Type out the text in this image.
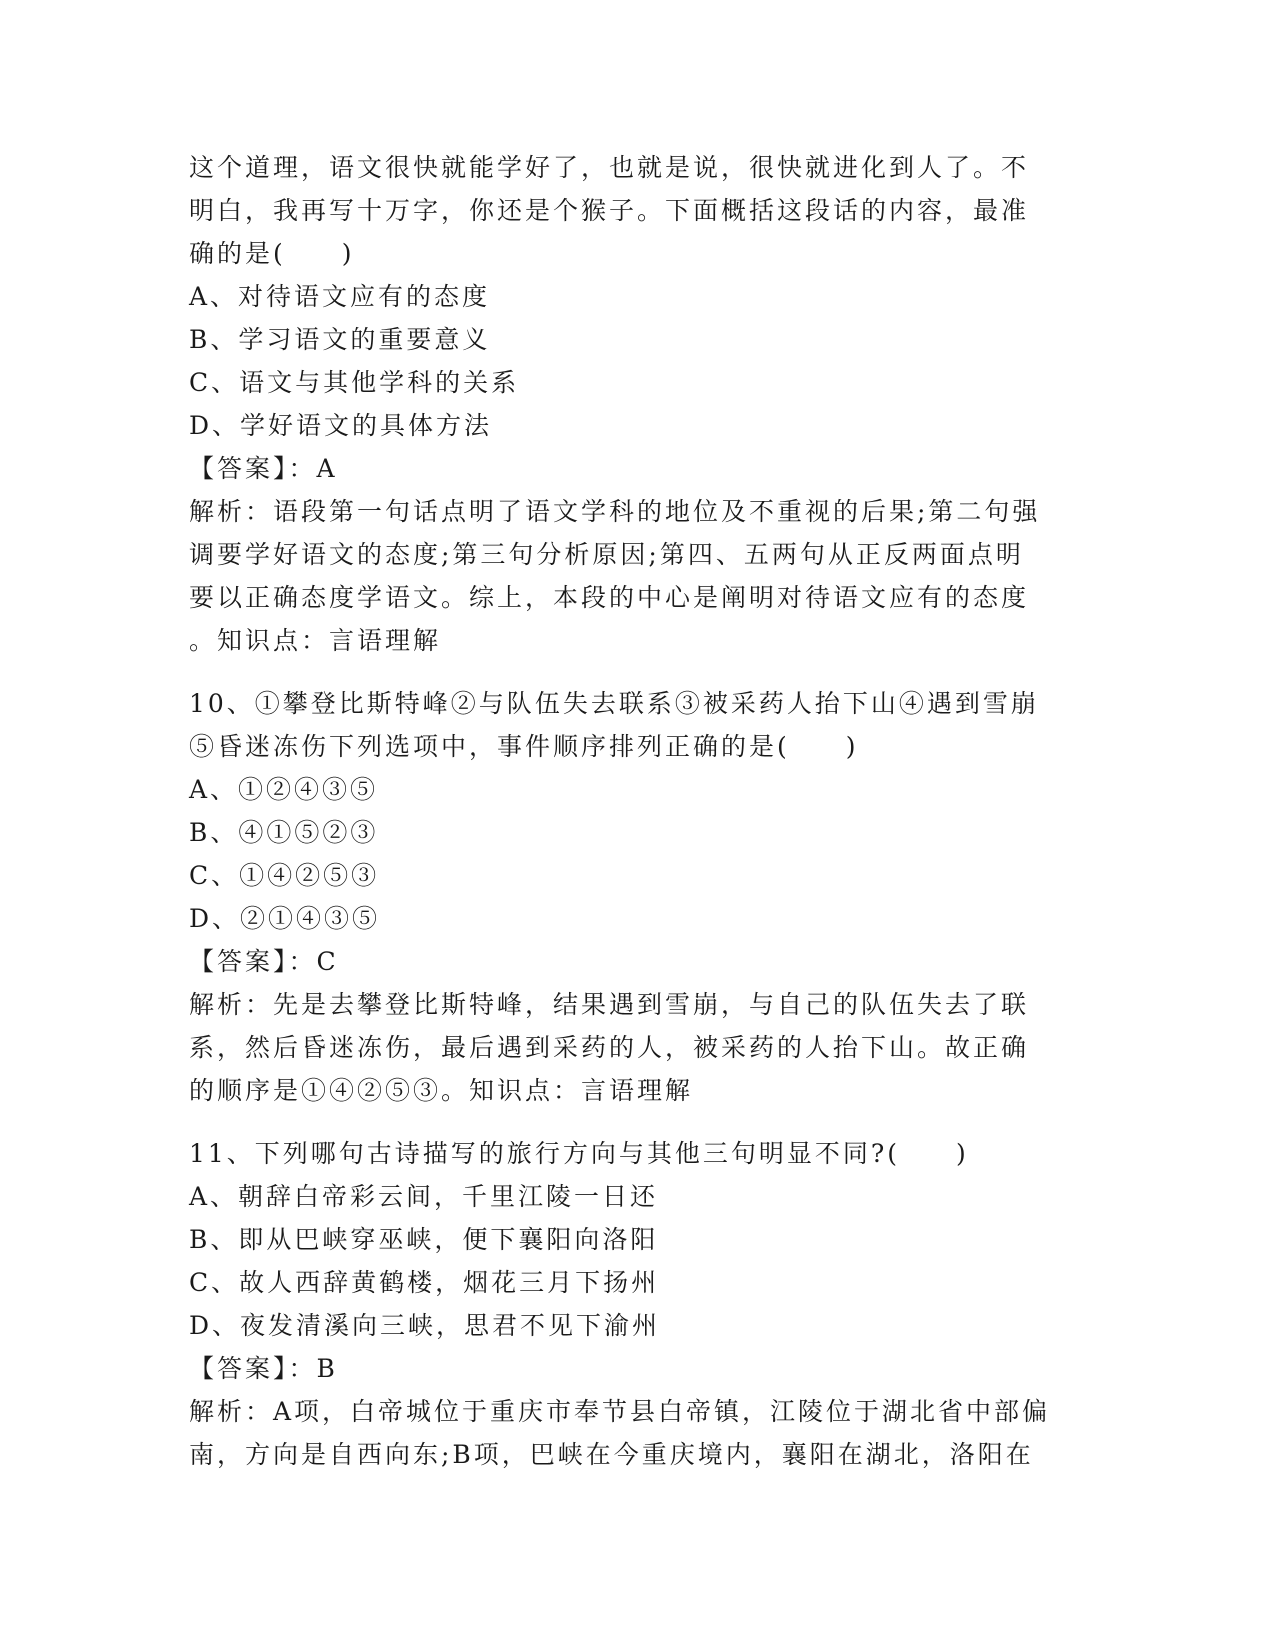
这个道理，语文很快就能学好了，也就是说，很快就进化到人了。不
明白，我再写十万字，你还是个猴子。下面概括这段话的内容，最准
确的是(　　)
A、对待语文应有的态度
B、学习语文的重要意义
C、语文与其他学科的关系
D、学好语文的具体方法
【答案】：A
解析：语段第一句话点明了语文学科的地位及不重视的后果;第二句强
调要学好语文的态度;第三句分析原因;第四、五两句从正反两面点明
要以正确态度学语文。综上，本段的中心是阐明对待语文应有的态度
。知识点：言语理解
10、①攀登比斯特峰②与队伍失去联系③被采药人抬下山④遇到雪崩
⑤昏迷冻伤下列选项中，事件顺序排列正确的是(　　)
A、①②④③⑤
B、④①⑤②③
C、①④②⑤③
D、②①④③⑤
【答案】：C
解析：先是去攀登比斯特峰，结果遇到雪崩，与自己的队伍失去了联
系，然后昏迷冻伤，最后遇到采药的人，被采药的人抬下山。故正确
的顺序是①④②⑤③。知识点：言语理解
11、下列哪句古诗描写的旅行方向与其他三句明显不同?(　　)
A、朝辞白帝彩云间，千里江陵一日还
B、即从巴峡穿巫峡，便下襄阳向洛阳
C、故人西辞黄鹤楼，烟花三月下扬州
D、夜发清溪向三峡，思君不见下渝州
【答案】：B
解析：A项，白帝城位于重庆市奉节县白帝镇，江陵位于湖北省中部偏
南，方向是自西向东;B项，巴峡在今重庆境内，襄阳在湖北，洛阳在
